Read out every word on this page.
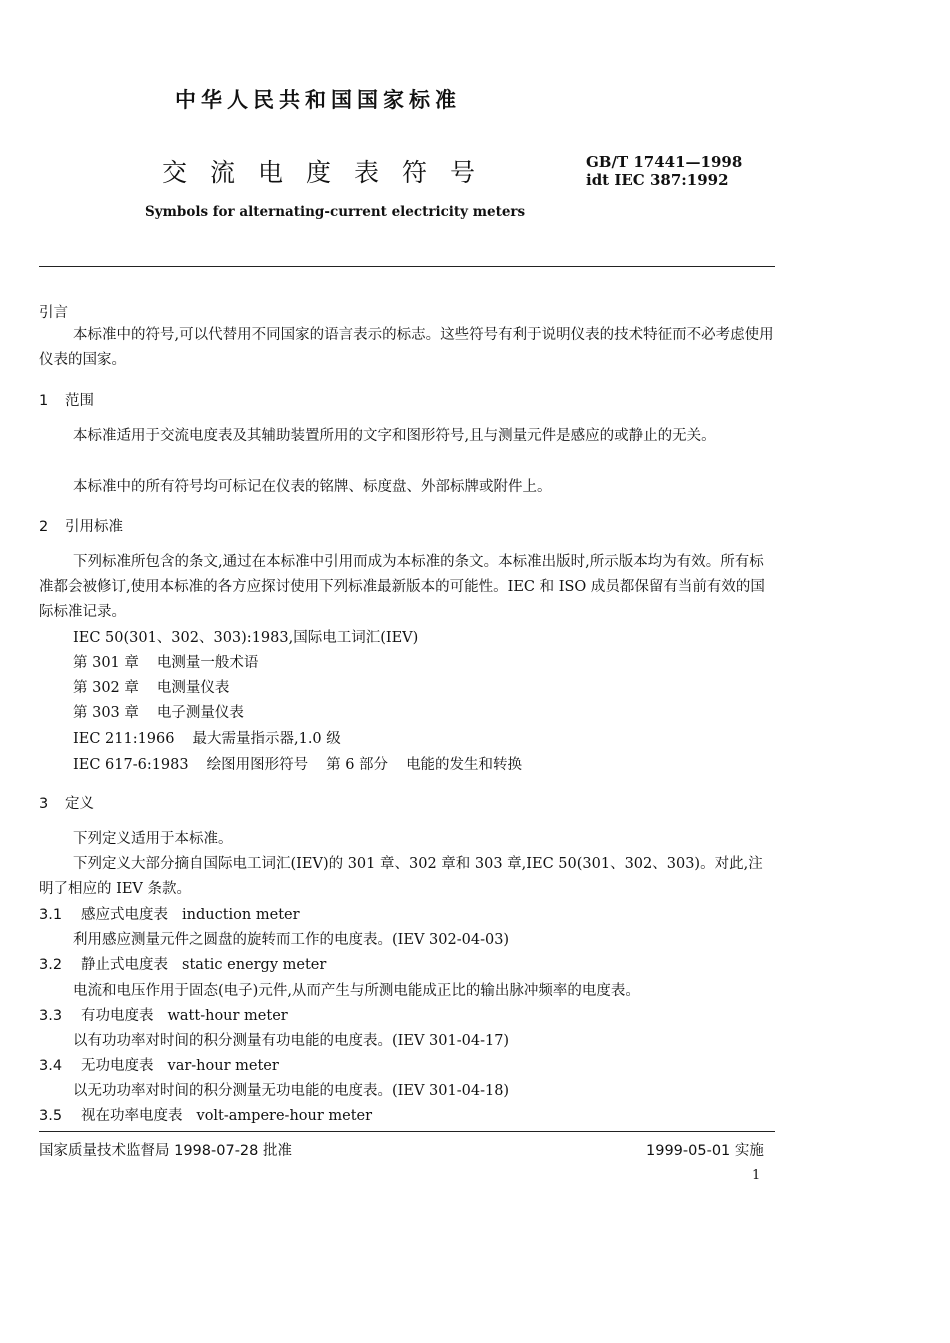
中华人民共和国国家标准
交流电度表符号	GB/T 17441—1998
idt IEC 387:1992
Symbols for alternating-current electricity meters
引言
本标准中的符号,可以代替用不同国家的语言表示的标志。这些符号有利于说明仪表的技术特征而不必考虑使用仪表的国家。
1 范围
本标准适用于交流电度表及其辅助装置所用的文字和图形符号,且与测量元件是感应的或静止的无关。
本标准中的所有符号均可标记在仪表的铭牌、标度盘、外部标牌或附件上。
2 引用标准
下列标准所包含的条文,通过在本标准中引用而成为本标准的条文。本标准出版时,所示版本均为有效。所有标准都会被修订,使用本标准的各方应探讨使用下列标准最新版本的可能性。IEC 和 ISO 成员都保留有当前有效的国际标准记录。
IEC 50(301、302、303):1983,国际电工词汇(IEV)
第 301 章 电测量一般术语
第 302 章 电测量仪表
第 303 章 电子测量仪表
IEC 211:1966 最大需量指示器,1.0 级
IEC 617-6:1983 绘图用图形符号 第 6 部分 电能的发生和转换
3 定义
下列定义适用于本标准。
下列定义大部分摘自国际电工词汇(IEV)的 301 章、302 章和 303 章,IEC 50(301、302、303)。对此,注明了相应的 IEV 条款。
3.1 感应式电度表 induction meter
利用感应测量元件之圆盘的旋转而工作的电度表。(IEV 302-04-03)
3.2 静止式电度表 static energy meter
电流和电压作用于固态(电子)元件,从而产生与所测电能成正比的输出脉冲频率的电度表。
3.3 有功电度表 watt-hour meter
以有功功率对时间的积分测量有功电能的电度表。(IEV 301-04-17)
3.4 无功电度表 var-hour meter
以无功功率对时间的积分测量无功电能的电度表。(IEV 301-04-18)
3.5 视在功率电度表 volt-ampere-hour meter
国家质量技术监督局 1998-07-28 批准	1999-05-01 实施
1
